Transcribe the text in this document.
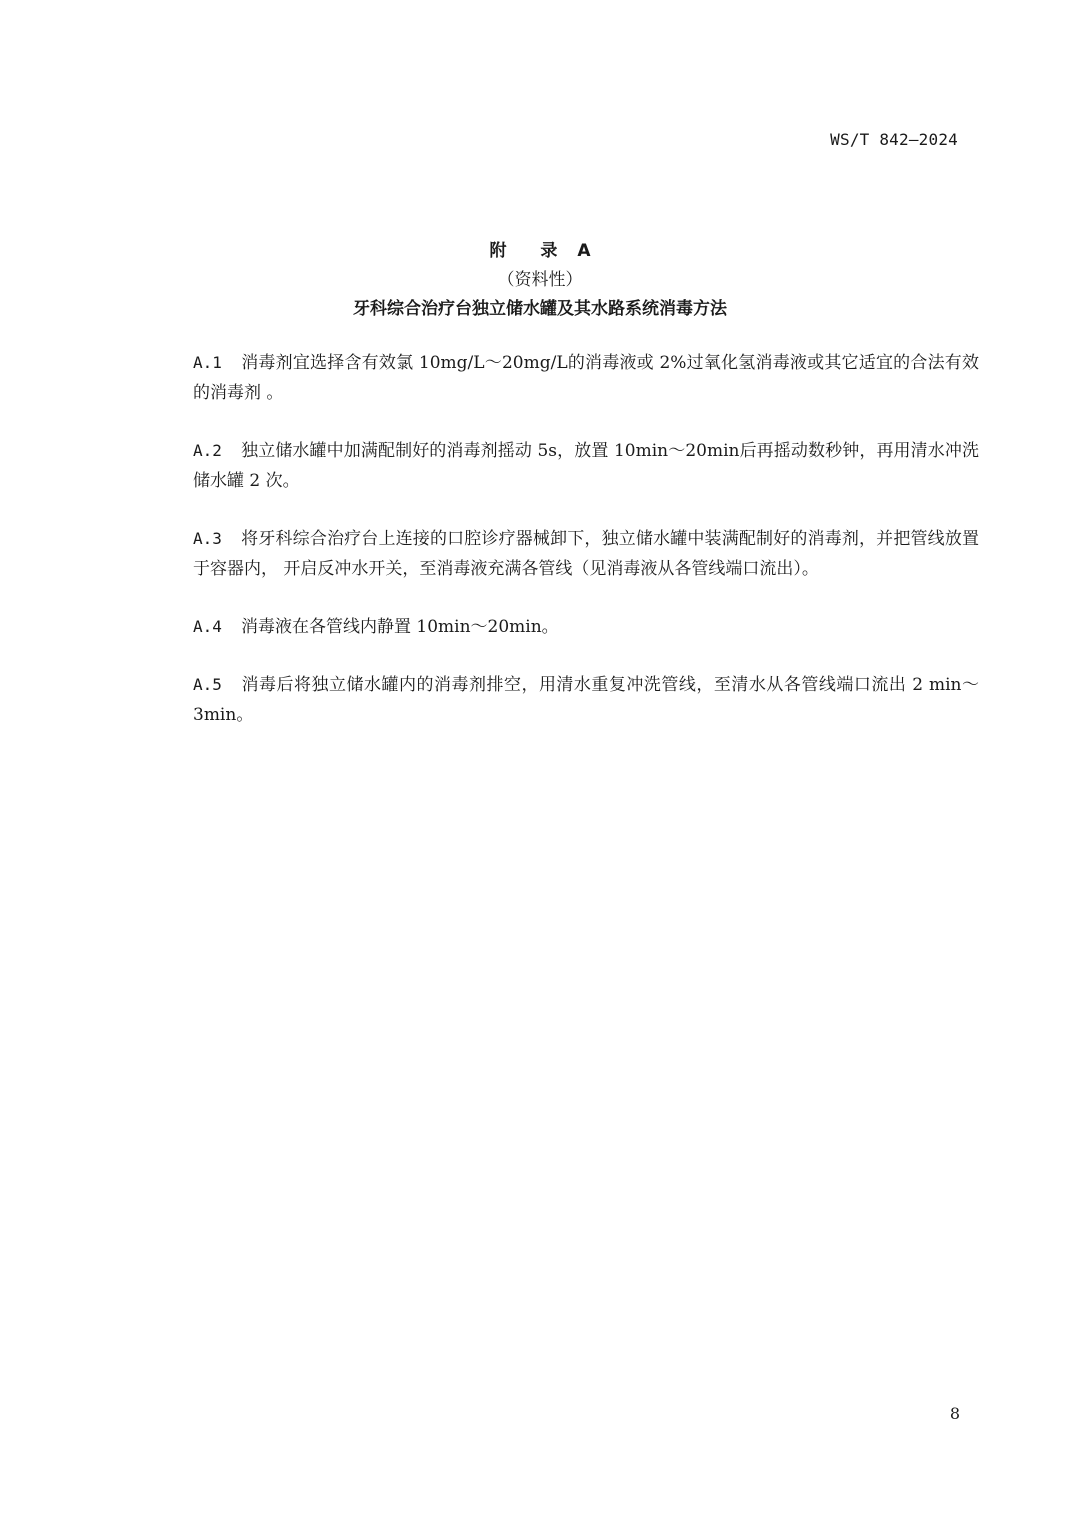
WS/T 842—2024
附 录 A
（资料性）
牙科综合治疗台独立储水罐及其水路系统消毒方法

A.1 消毒剂宜选择含有效氯 10mg/L～20mg/L的消毒液或 2%过氧化氢消毒液或其它适宜的合法有效的消毒剂 。

A.2 独立储水罐中加满配制好的消毒剂摇动 5s，放置 10min～20min后再摇动数秒钟，再用清水冲洗储水罐 2 次。

A.3 将牙科综合治疗台上连接的口腔诊疗器械卸下，独立储水罐中装满配制好的消毒剂，并把管线放置于容器内， 开启反冲水开关，至消毒液充满各管线（见消毒液从各管线端口流出）。

A.4 消毒液在各管线内静置 10min～20min。

A.5 消毒后将独立储水罐内的消毒剂排空，用清水重复冲洗管线，至清水从各管线端口流出 2 min～3min。

8
